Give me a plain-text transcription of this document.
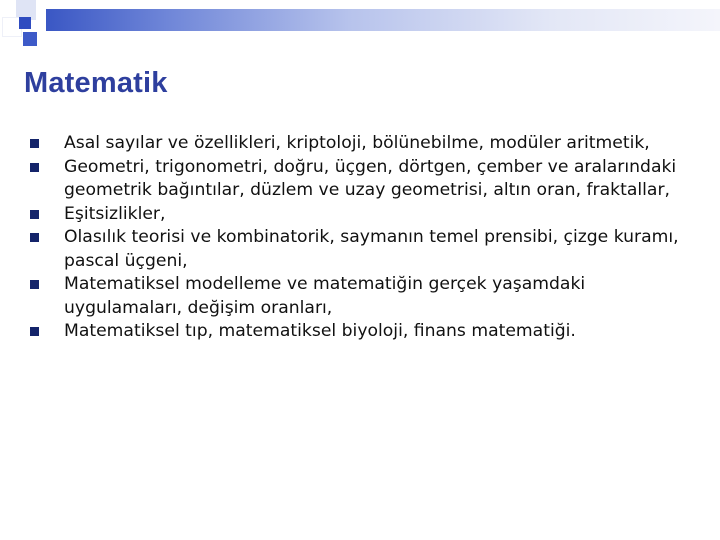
Matematik
Asal sayılar ve özellikleri, kriptoloji, bölünebilme, modüler aritmetik,
Geometri, trigonometri, doğru, üçgen, dörtgen, çember ve aralarındaki geometrik bağıntılar, düzlem ve uzay geometrisi, altın oran, fraktallar,
Eşitsizlikler,
Olasılık teorisi ve kombinatorik, saymanın temel prensibi, çizge kuramı, pascal üçgeni,
Matematiksel modelleme ve matematiğin gerçek yaşamdaki uygulamaları, değişim oranları,
Matematiksel tıp, matematiksel biyoloji, finans matematiği.
